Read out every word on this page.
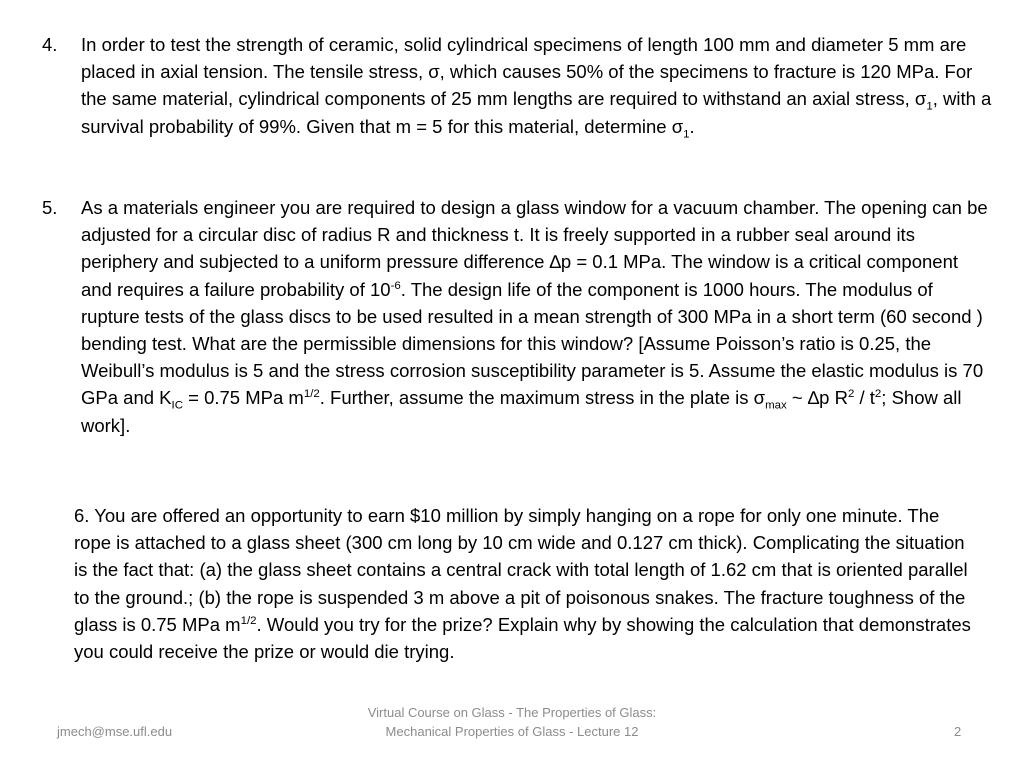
4. In order to test the strength of ceramic, solid cylindrical specimens of length 100 mm and diameter 5 mm are placed in axial tension. The tensile stress, σ, which causes 50% of the specimens to fracture is 120 MPa. For the same material, cylindrical components of 25 mm lengths are required to withstand an axial stress, $\sigma_1$, with a survival probability of 99%. Given that m = 5 for this material, determine $\sigma_1$.
5. As a materials engineer you are required to design a glass window for a vacuum chamber. The opening can be adjusted for a circular disc of radius R and thickness t. It is freely supported in a rubber seal around its periphery and subjected to a uniform pressure difference ∆p = 0.1 MPa. The window is a critical component and requires a failure probability of $10^{-6}$. The design life of the component is 1000 hours. The modulus of rupture tests of the glass discs to be used resulted in a mean strength of 300 MPa in a short term (60 second ) bending test. What are the permissible dimensions for this window? [Assume Poisson’s ratio is 0.25, the Weibull’s modulus is 5 and the stress corrosion susceptibility parameter is 5. Assume the elastic modulus is 70 GPa and $K_{IC} = 0.75$ MPa $m^{1/2}$. Further, assume the maximum stress in the plate is $\sigma_{max}$ ~ ∆p $R^2 / t^2$; Show all work].
6. You are offered an opportunity to earn $10 million by simply hanging on a rope for only one minute. The rope is attached to a glass sheet (300 cm long by 10 cm wide and 0.127 cm thick). Complicating the situation is the fact that: (a) the glass sheet contains a central crack with total length of 1.62 cm that is oriented parallel to the ground.; (b) the rope is suspended 3 m above a pit of poisonous snakes. The fracture toughness of the glass is 0.75 MPa $m^{1/2}$. Would you try for the prize? Explain why by showing the calculation that demonstrates you could receive the prize or would die trying.
jmech@mse.ufl.edu
Virtual Course on Glass - The Properties of Glass: Mechanical Properties of Glass - Lecture 12	2
